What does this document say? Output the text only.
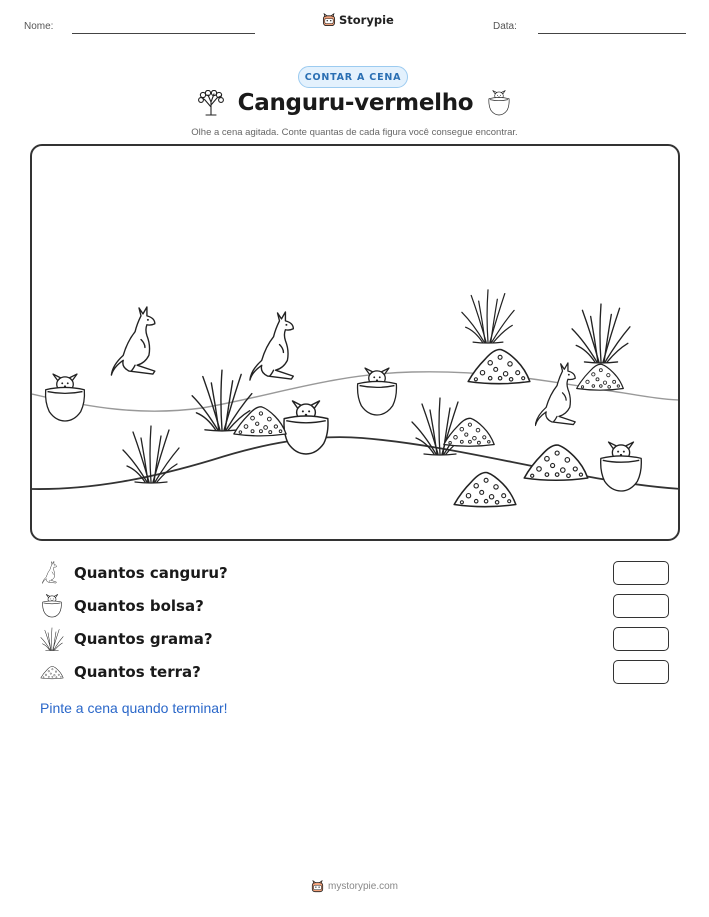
Nome:	Storypie	Data:
CONTAR A CENA
Canguru-vermelho
Olhe a cena agitada. Conte quantas de cada figura você consegue encontrar.
Quantos canguru?
Quantos bolsa?
Quantos grama?
Quantos terra?
Pinte a cena quando terminar!
mystorypie.com
